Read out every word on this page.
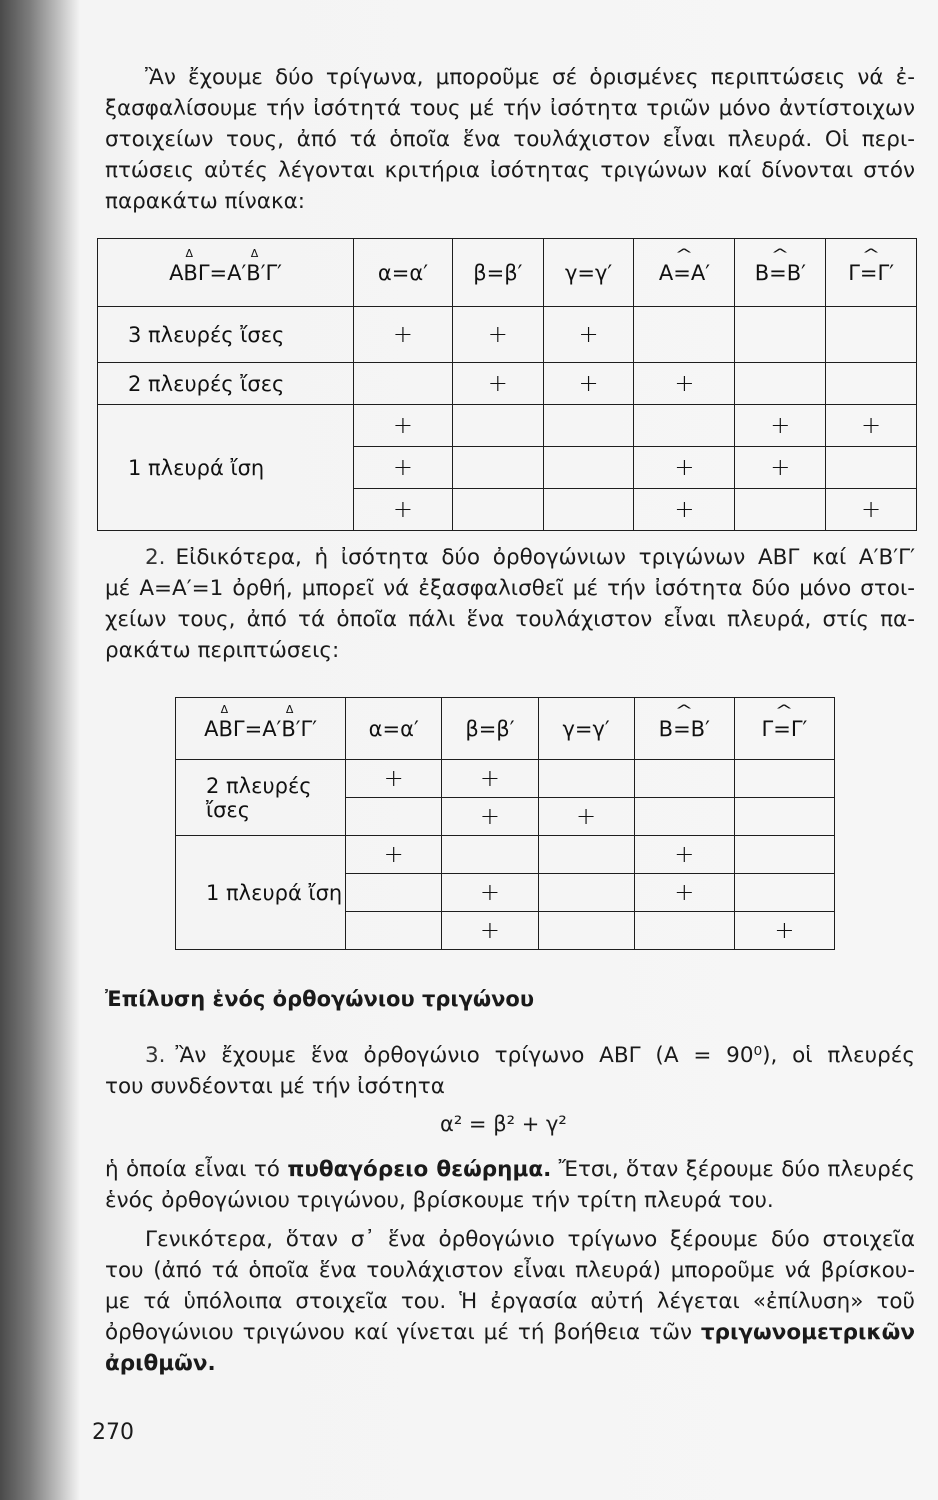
Ἂν ἔχουμε δύο τρίγωνα, μποροῦμε σέ ὁρισμένες περιπτώσεις νά ἐ-
ξασφαλίσουμε τήν ἰσότητά τους μέ τήν ἰσότητα τριῶν μόνο ἀντίστοιχων
στοιχείων τους, ἀπό τά ὁποῖα ἕνα τουλάχιστον εἶναι πλευρά. Οἱ περι-
πτώσεις αὐτές λέγονται κριτήρια ἰσότητας τριγώνων καί δίνονται στόν
παρακάτω πίνακα:
Δ ΑΒΓ=Δ Α′Β′Γ′	α=α′	β=β′	γ=γ′	^ Α=Α′	^ Β=Β′	^ Γ=Γ′
3 πλευρές ἴσες	+	+	+			
2 πλευρές ἴσες		+	+	+		
1 πλευρά ἴση	+				+	+
	+			+	+	
	+			+		+
2. Εἰδικότερα, ἡ ἰσότητα δύο ὀρθογώνιων τριγώνων ΑΒΓ καί Α′Β′Γ′
μέ Α=Α′=1 ὀρθή, μπορεῖ νά ἐξασφαλισθεῖ μέ τήν ἰσότητα δύο μόνο στοι-
χείων τους, ἀπό τά ὁποῖα πάλι ἕνα τουλάχιστον εἶναι πλευρά, στίς πα-
ρακάτω περιπτώσεις:
Δ ΑΒΓ=Δ Α′Β′Γ′	α=α′	β=β′	γ=γ′	^ Β=Β′	^ Γ=Γ′
2 πλευρές ἴσες	+	+			
		+	+		
1 πλευρά ἴση	+			+	
		+		+	
		+			+
Ἐπίλυση ἑνός ὀρθογώνιου τριγώνου
3. Ἂν ἔχουμε ἕνα ὀρθογώνιο τρίγωνο ΑΒΓ (Α = 90⁰), οἱ πλευρές
του συνδέονται μέ τήν ἰσότητα
α² = β² + γ²
ἡ ὁποία εἶναι τό πυθαγόρειο θεώρημα. Ἔτσι, ὅταν ξέρουμε δύο πλευρές
ἑνός ὀρθογώνιου τριγώνου, βρίσκουμε τήν τρίτη πλευρά του.
Γενικότερα, ὅταν σ᾿ ἕνα ὀρθογώνιο τρίγωνο ξέρουμε δύο στοιχεῖα
του (ἀπό τά ὁποῖα ἕνα τουλάχιστον εἶναι πλευρά) μποροῦμε νά βρίσκου-
με τά ὑπόλοιπα στοιχεῖα του. Ἡ ἐργασία αὐτή λέγεται «ἐπίλυση» τοῦ
ὀρθογώνιου τριγώνου καί γίνεται μέ τή βοήθεια τῶν τριγωνομετρικῶν
ἀριθμῶν.
270
